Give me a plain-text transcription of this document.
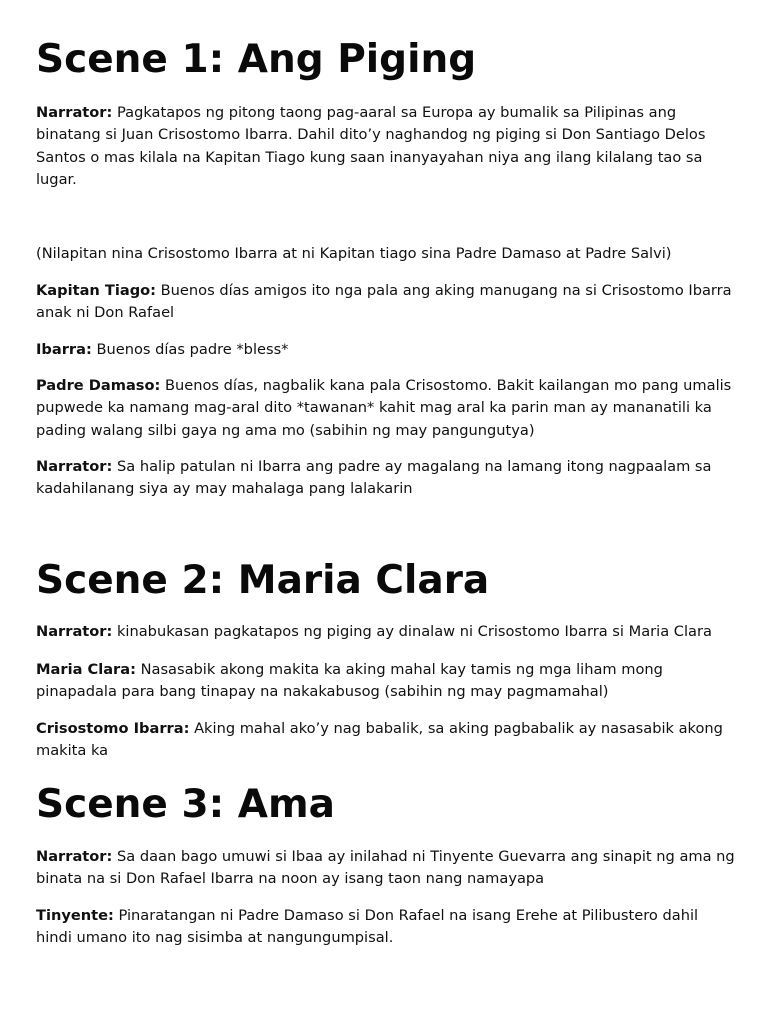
Scene 1: Ang Piging

Narrator: Pagkatapos ng pitong taong pag-aaral sa Europa ay bumalik sa Pilipinas ang binatang si Juan Crisostomo Ibarra. Dahil dito’y naghandog ng piging si Don Santiago Delos Santos o mas kilala na Kapitan Tiago kung saan inanyayahan niya ang ilang kilalang tao sa lugar.

(Nilapitan nina Crisostomo Ibarra at ni Kapitan tiago sina Padre Damaso at Padre Salvi)

Kapitan Tiago: Buenos días amigos ito nga pala ang aking manugang na si Crisostomo Ibarra anak ni Don Rafael

Ibarra: Buenos días padre *bless*

Padre Damaso: Buenos días, nagbalik kana pala Crisostomo. Bakit kailangan mo pang umalis pupwede ka namang mag-aral dito *tawanan* kahit mag aral ka parin man ay mananatili ka pading walang silbi gaya ng ama mo (sabihin ng may pangungutya)

Narrator: Sa halip patulan ni Ibarra ang padre ay magalang na lamang itong nagpaalam sa kadahilanang siya ay may mahalaga pang lalakarin

Scene 2: Maria Clara

Narrator: kinabukasan pagkatapos ng piging ay dinalaw ni Crisostomo Ibarra si Maria Clara

Maria Clara: Nasasabik akong makita ka aking mahal kay tamis ng mga liham mong pinapadala para bang tinapay na nakakabusog (sabihin ng may pagmamahal)

Crisostomo Ibarra: Aking mahal ako’y nag babalik, sa aking pagbabalik ay nasasabik akong makita ka

Scene 3: Ama

Narrator: Sa daan bago umuwi si Ibaa ay inilahad ni Tinyente Guevarra ang sinapit ng ama ng binata na si Don Rafael Ibarra na noon ay isang taon nang namayapa

Tinyente: Pinaratangan ni Padre Damaso si Don Rafael na isang Erehe at Pilibustero dahil hindi umano ito nag sisimba at nangungumpisal.
